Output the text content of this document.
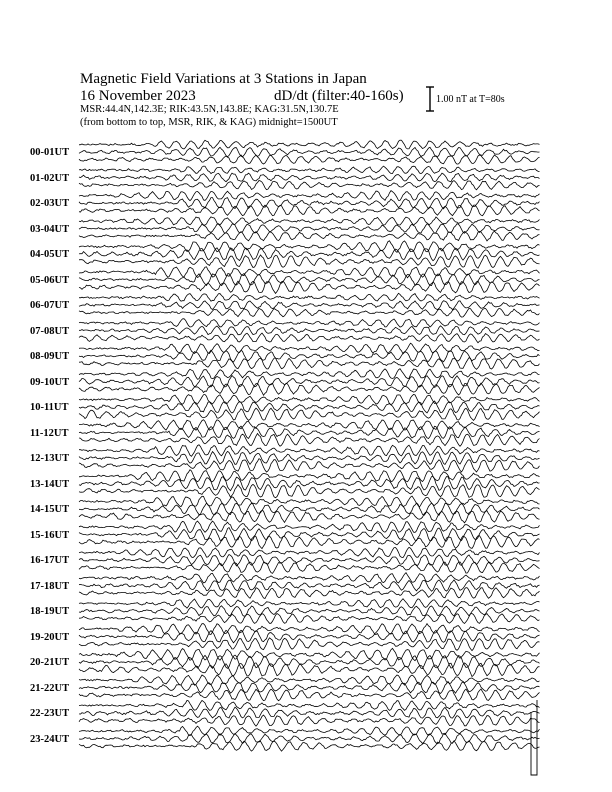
Magnetic Field Variations at 3 Stations in Japan
16 November 2023	dD/dt (filter:40-160s)
MSR:44.4N,142.3E; RIK:43.5N,143.8E; KAG:31.5N,130.7E
(from bottom to top, MSR, RIK, & KAG) midnight=1500UT
1.00 nT at T=80s
00-01UT
01-02UT
02-03UT
03-04UT
04-05UT
05-06UT
06-07UT
07-08UT
08-09UT
09-10UT
10-11UT
11-12UT
12-13UT
13-14UT
14-15UT
15-16UT
16-17UT
17-18UT
18-19UT
19-20UT
20-21UT
21-22UT
22-23UT
23-24UT
